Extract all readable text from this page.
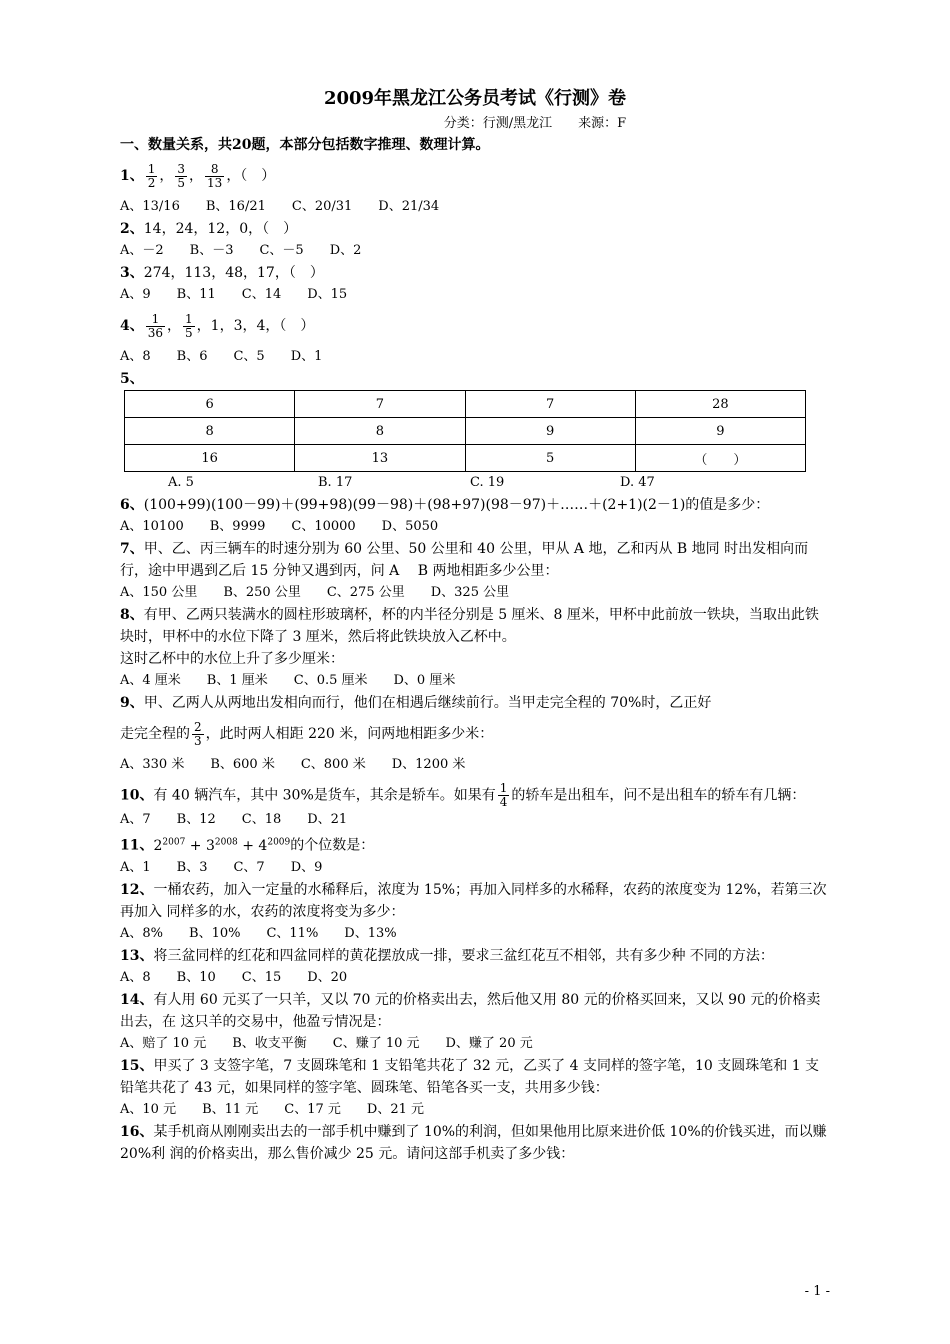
2009年黑龙江公务员考试《行测》卷
分类：行测/黑龙江　　来源：F
一、数量关系，共20题，本部分包括数字推理、数理计算。
1、 $\frac{1}{2}$ ， $\frac{3}{5}$ ， $\frac{8}{13}$ ，（　）
A、13/16　　B、16/21　　C、20/31　　D、21/34
2、14，24，12，0，（　）
A、－2　　B、－3　　C、－5　　D、2
3、274，113，48，17，（　）
A、9　　B、11　　C、14　　D、15
4、 $\frac{1}{36}$ ， $\frac{1}{5}$ ，1，3，4，（　）
A、8　　B、6　　C、5　　D、1
5、
6	7	7	28
8	8	9	9
16	13	5	（　　）
A. 5	B. 17	C. 19	D. 47
6、(100+99)(100－99)＋(99+98)(99－98)＋(98+97)(98－97)＋……＋(2+1)(2－1)的值是多少：
A、10100　　B、9999　　C、10000　　D、5050
7、甲、乙、丙三辆车的时速分别为 60 公里、50 公里和 40 公里，甲从 A 地，乙和丙从 B 地同 时出发相向而行，途中甲遇到乙后 15 分钟又遇到丙，问 A　 B 两地相距多少公里：
A、150 公里　　B、250 公里　　C、275 公里　　D、325 公里
8、有甲、乙两只装满水的圆柱形玻璃杯，杯的内半径分别是 5 厘米、8 厘米，甲杯中此前放一铁块，当取出此铁块时，甲杯中的水位下降了 3 厘米，然后将此铁块放入乙杯中。
这时乙杯中的水位上升了多少厘米：
A、4 厘米　　B、1 厘米　　C、0.5 厘米　　D、0 厘米
9、甲、乙两人从两地出发相向而行，他们在相遇后继续前行。当甲走完全程的 70%时，乙正好
走完全程的 $\frac{2}{3}$ ，此时两人相距 220 米，问两地相距多少米：
A、330 米　　B、600 米　　C、800 米　　D、1200 米
10、有 40 辆汽车，其中 30%是货车，其余是轿车。如果有 $\frac{1}{4}$ 的轿车是出租车，问不是出租车的轿车有几辆：
A、7　　B、12　　C、18　　D、21
11、$2^{2007} + 3^{2008} + 4^{2009}$的个位数是：
A、1　　B、3　　C、7　　D、9
12、一桶农药，加入一定量的水稀释后，浓度为 15%；再加入同样多的水稀释，农药的浓度变为 12%，若第三次再加入 同样多的水，农药的浓度将变为多少：
A、8%　　B、10%　　C、11%　　D、13%
13、将三盆同样的红花和四盆同样的黄花摆放成一排，要求三盆红花互不相邻，共有多少种 不同的方法：
A、8　　B、10　　C、15　　D、20
14、有人用 60 元买了一只羊，又以 70 元的价格卖出去，然后他又用 80 元的价格买回来，又以 90 元的价格卖出去，在 这只羊的交易中，他盈亏情况是：
A、赔了 10 元　　B、收支平衡　　C、赚了 10 元　　D、赚了 20 元
15、甲买了 3 支签字笔，7 支圆珠笔和 1 支铅笔共花了 32 元，乙买了 4 支同样的签字笔，10 支圆珠笔和 1 支铅笔共花了 43 元，如果同样的签字笔、圆珠笔、铅笔各买一支，共用多少钱：
A、10 元　　B、11 元　　C、17 元　　D、21 元
16、某手机商从刚刚卖出去的一部手机中赚到了 10%的利润，但如果他用比原来进价低 10%的价钱买进，而以赚 20%利 润的价格卖出，那么售价减少 25 元。请问这部手机卖了多少钱：
- 1 -
